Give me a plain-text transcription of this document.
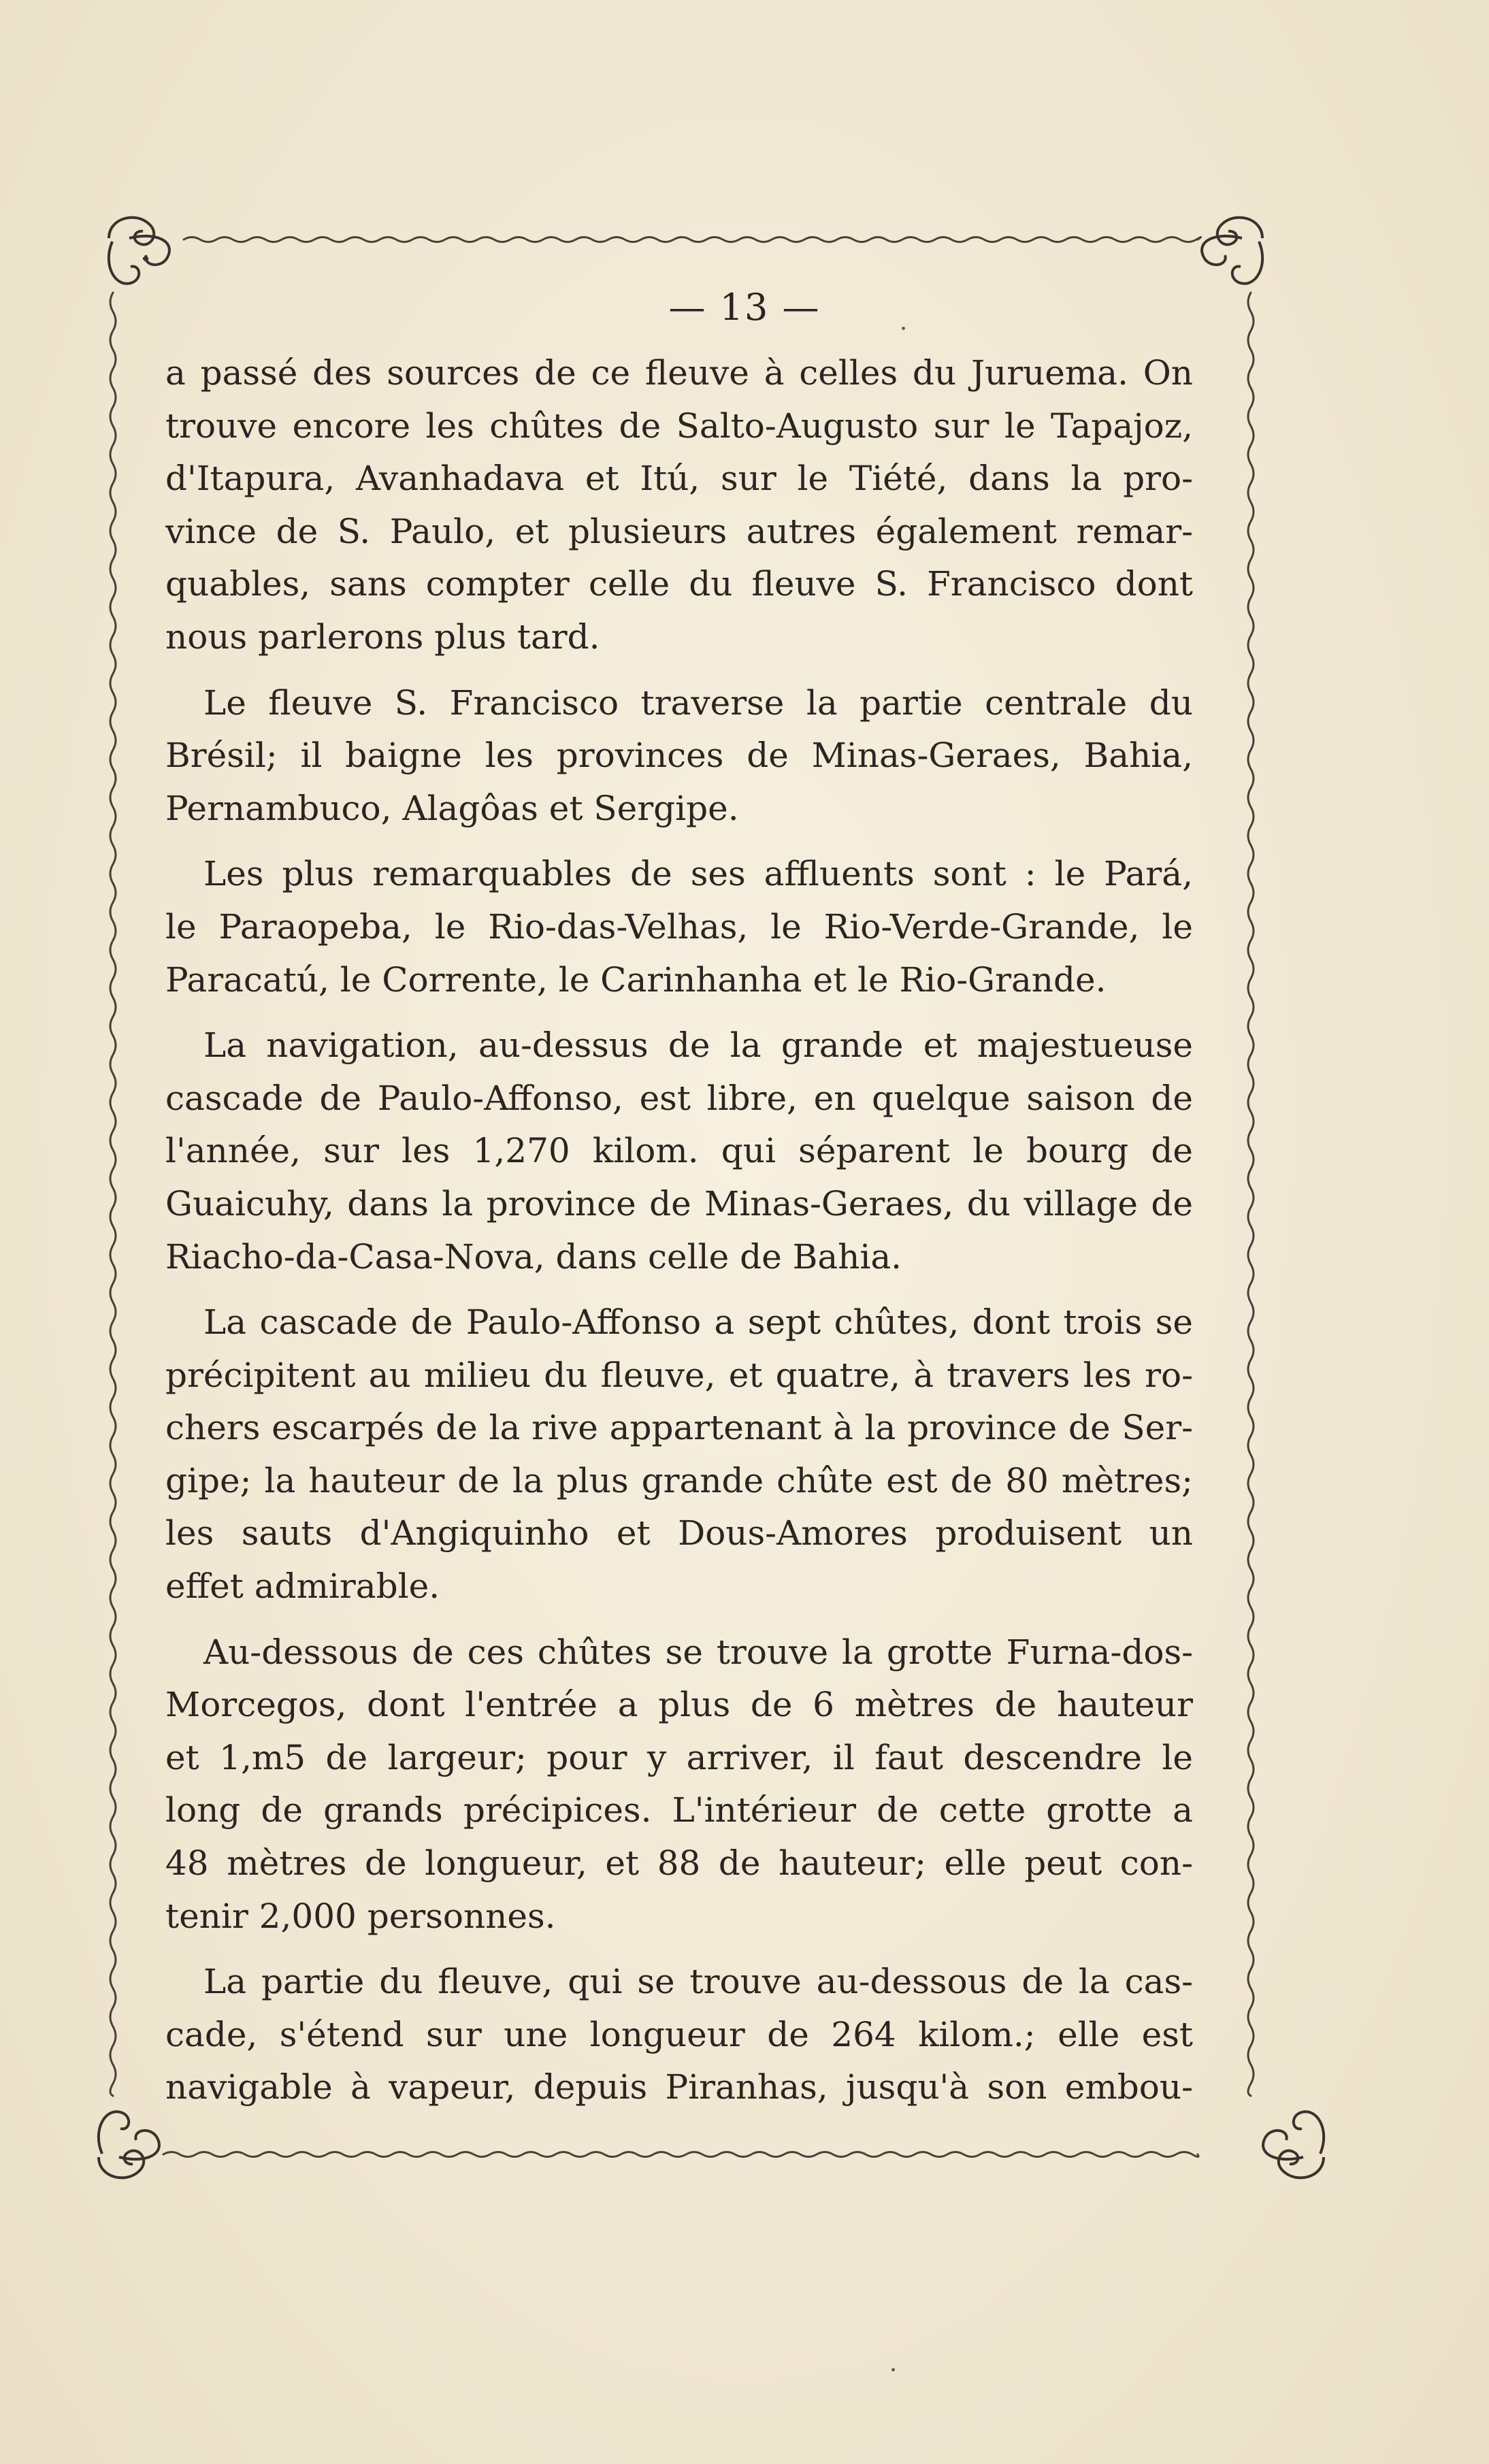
— 13 —
a passé des sources de ce fleuve à celles du Juruema. On
trouve encore les chûtes de Salto-Augusto sur le Tapajoz,
d'Itapura, Avanhadava et Itú, sur le Tiété, dans la pro-
vince de S. Paulo, et plusieurs autres également remar-
quables, sans compter celle du fleuve S. Francisco dont
nous parlerons plus tard.
Le fleuve S. Francisco traverse la partie centrale du
Brésil; il baigne les provinces de Minas-Geraes, Bahia,
Pernambuco, Alagôas et Sergipe.
Les plus remarquables de ses affluents sont : le Pará,
le Paraopeba, le Rio-das-Velhas, le Rio-Verde-Grande, le
Paracatú, le Corrente, le Carinhanha et le Rio-Grande.
La navigation, au-dessus de la grande et majestueuse
cascade de Paulo-Affonso, est libre, en quelque saison de
l'année, sur les 1,270 kilom. qui séparent le bourg de
Guaicuhy, dans la province de Minas-Geraes, du village de
Riacho-da-Casa-Nova, dans celle de Bahia.
La cascade de Paulo-Affonso a sept chûtes, dont trois se
précipitent au milieu du fleuve, et quatre, à travers les ro-
chers escarpés de la rive appartenant à la province de Ser-
gipe; la hauteur de la plus grande chûte est de 80 mètres;
les sauts d'Angiquinho et Dous-Amores produisent un
effet admirable.
Au-dessous de ces chûtes se trouve la grotte Furna-dos-
Morcegos, dont l'entrée a plus de 6 mètres de hauteur
et 1,m5 de largeur; pour y arriver, il faut descendre le
long de grands précipices. L'intérieur de cette grotte a
48 mètres de longueur, et 88 de hauteur; elle peut con-
tenir 2,000 personnes.
La partie du fleuve, qui se trouve au-dessous de la cas-
cade, s'étend sur une longueur de 264 kilom.; elle est
navigable à vapeur, depuis Piranhas, jusqu'à son embou-
